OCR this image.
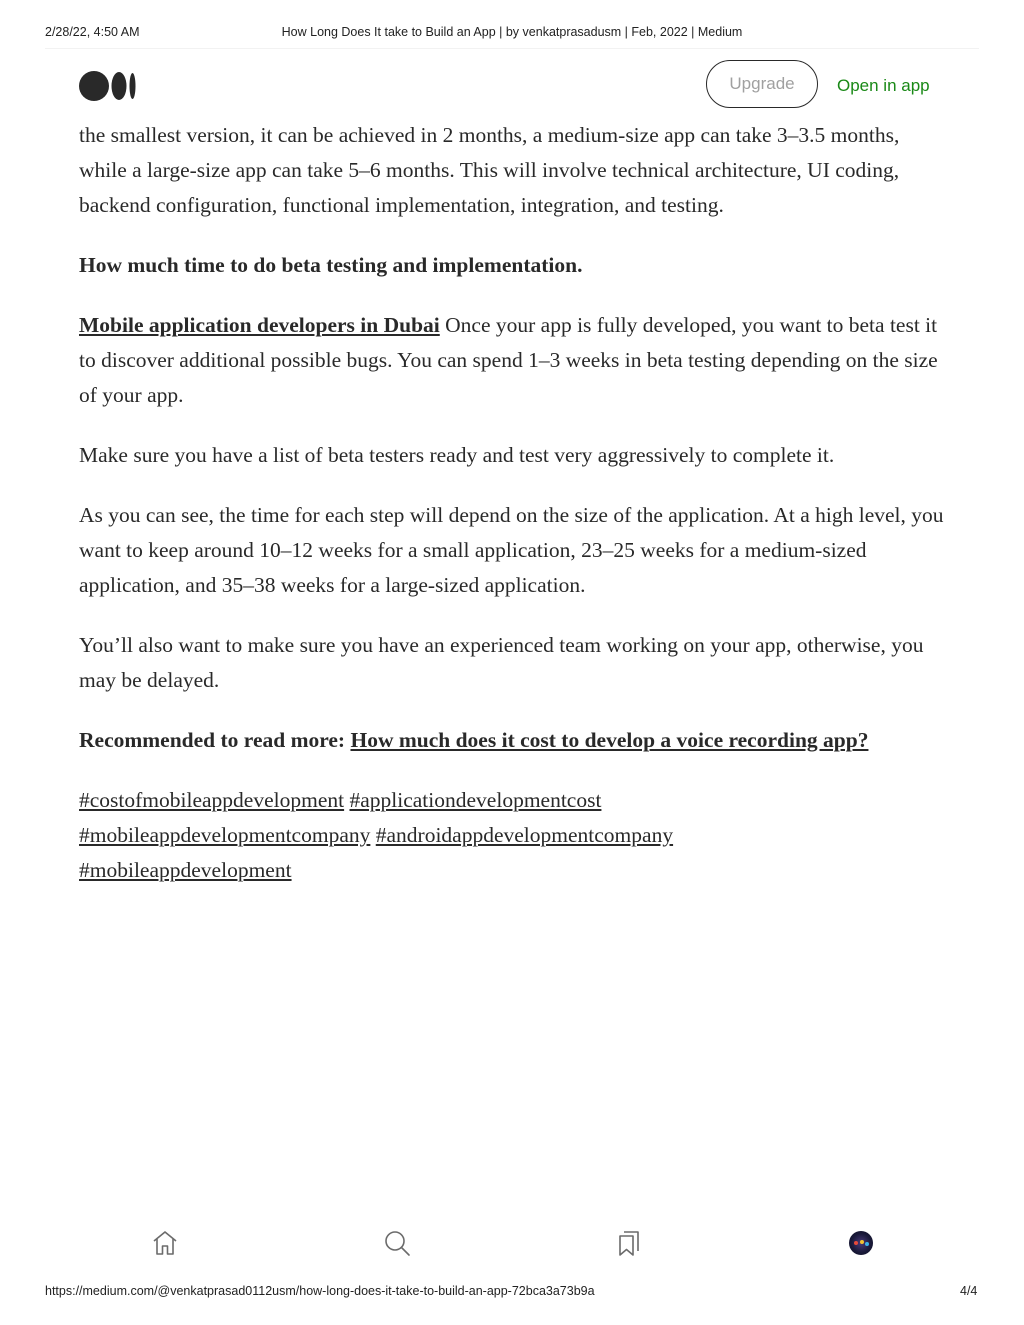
2/28/22, 4:50 AM	How Long Does It take to Build an App | by venkatprasadusm | Feb, 2022 | Medium
Upgrade	Open in app

the smallest version, it can be achieved in 2 months, a medium-size app can take 3–3.5 months, while a large-size app can take 5–6 months. This will involve technical architecture, UI coding, backend configuration, functional implementation, integration, and testing.

How much time to do beta testing and implementation.

Mobile application developers in Dubai Once your app is fully developed, you want to beta test it to discover additional possible bugs. You can spend 1–3 weeks in beta testing depending on the size of your app.

Make sure you have a list of beta testers ready and test very aggressively to complete it.

As you can see, the time for each step will depend on the size of the application. At a high level, you want to keep around 10–12 weeks for a small application, 23–25 weeks for a medium-sized application, and 35–38 weeks for a large-sized application.

You’ll also want to make sure you have an experienced team working on your app, otherwise, you may be delayed.

Recommended to read more: How much does it cost to develop a voice recording app?

#costofmobileappdevelopment #applicationdevelopmentcost
#mobileappdevelopmentcompany #androidappdevelopmentcompany
#mobileappdevelopment

https://medium.com/@venkatprasad0112usm/how-long-does-it-take-to-build-an-app-72bca3a73b9a	4/4
